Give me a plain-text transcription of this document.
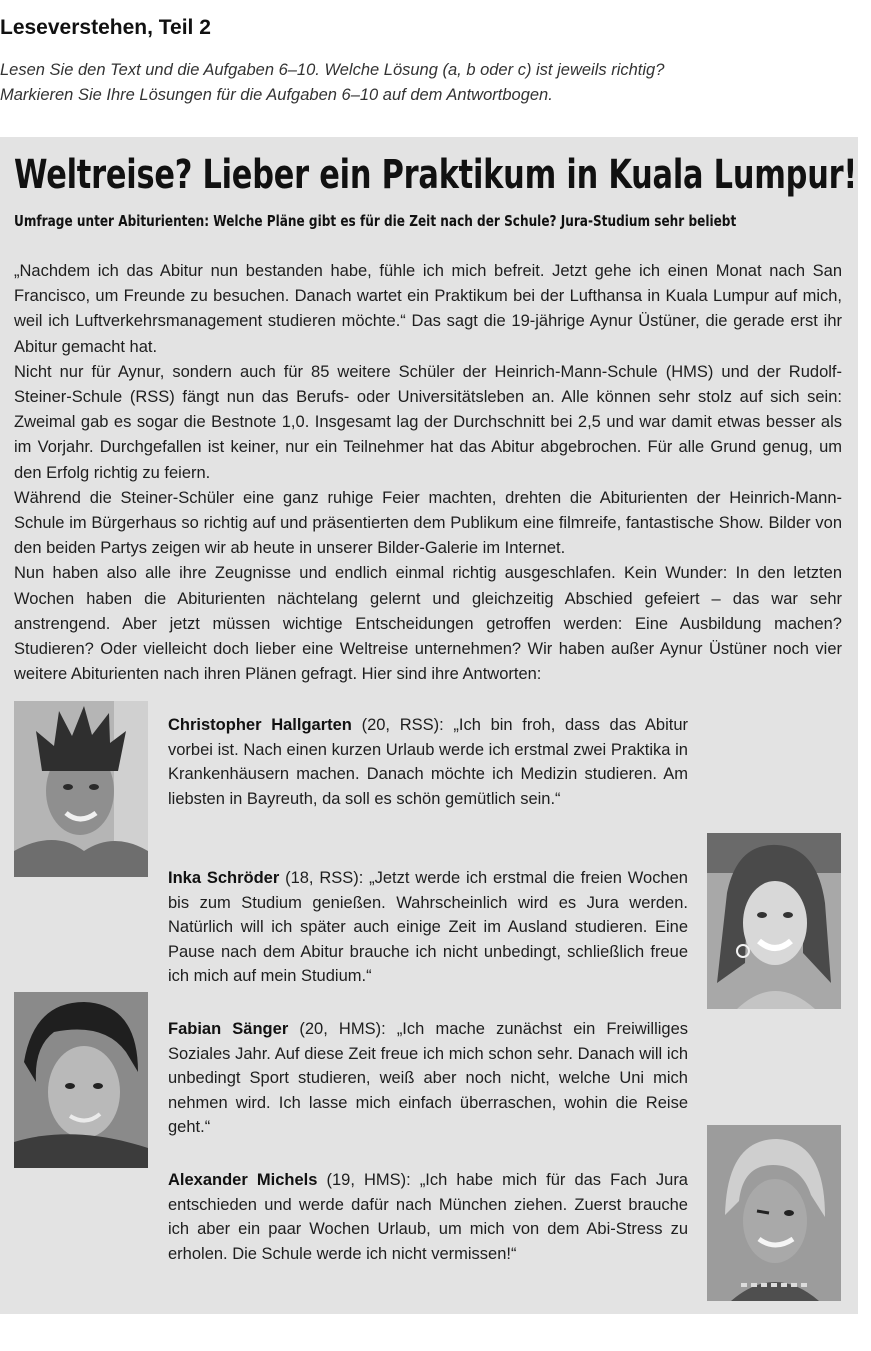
Leseverstehen, Teil 2
Lesen Sie den Text und die Aufgaben 6–10. Welche Lösung (a, b oder c) ist jeweils richtig?
Markieren Sie Ihre Lösungen für die Aufgaben 6–10 auf dem Antwortbogen.
Weltreise? Lieber ein Praktikum in Kuala Lumpur!
Umfrage unter Abiturienten: Welche Pläne gibt es für die Zeit nach der Schule? Jura-Studium sehr beliebt

„Nachdem ich das Abitur nun bestanden habe, fühle ich mich befreit. Jetzt gehe ich einen Monat nach San Francisco, um Freunde zu besuchen. Danach wartet ein Praktikum bei der Lufthansa in Kuala Lumpur auf mich, weil ich Luftverkehrsmanagement studieren möchte.“ Das sagt die 19-jährige Aynur Üstüner, die gerade erst ihr Abitur gemacht hat.

Nicht nur für Aynur, sondern auch für 85 weitere Schüler der Heinrich-Mann-Schule (HMS) und der Rudolf-Steiner-Schule (RSS) fängt nun das Berufs- oder Universitätsleben an. Alle können sehr stolz auf sich sein: Zweimal gab es sogar die Bestnote 1,0. Insgesamt lag der Durchschnitt bei 2,5 und war damit etwas besser als im Vorjahr. Durchgefallen ist keiner, nur ein Teilnehmer hat das Abitur abgebrochen. Für alle Grund genug, um den Erfolg richtig zu feiern.

Während die Steiner-Schüler eine ganz ruhige Feier machten, drehten die Abiturienten der Heinrich-Mann-Schule im Bürgerhaus so richtig auf und präsentierten dem Publikum eine filmreife, fantastische Show. Bilder von den beiden Partys zeigen wir ab heute in unserer Bilder-Galerie im Internet.

Nun haben also alle ihre Zeugnisse und endlich einmal richtig ausgeschlafen. Kein Wunder: In den letzten Wochen haben die Abiturienten nächtelang gelernt und gleichzeitig Abschied gefeiert – das war sehr anstrengend. Aber jetzt müssen wichtige Entscheidungen getroffen werden: Eine Ausbildung machen? Studieren? Oder vielleicht doch lieber eine Weltreise unternehmen? Wir haben außer Aynur Üstüner noch vier weitere Abiturienten nach ihren Plänen gefragt. Hier sind ihre Antworten:

Christopher Hallgarten (20, RSS): „Ich bin froh, dass das Abitur vorbei ist. Nach einen kurzen Urlaub werde ich erstmal zwei Praktika in Krankenhäusern machen. Danach möchte ich Medizin studieren. Am liebsten in Bayreuth, da soll es schön gemütlich sein.“
Inka Schröder (18, RSS): „Jetzt werde ich erstmal die freien Wochen bis zum Studium genießen. Wahrscheinlich wird es Jura werden. Natürlich will ich später auch einige Zeit im Ausland studieren. Eine Pause nach dem Abitur brauche ich nicht unbedingt, schließlich freue ich mich auf mein Studium.“
Fabian Sänger (20, HMS): „Ich mache zunächst ein Freiwilliges Soziales Jahr. Auf diese Zeit freue ich mich schon sehr. Danach will ich unbedingt Sport studieren, weiß aber noch nicht, welche Uni mich nehmen wird. Ich lasse mich einfach überraschen, wohin die Reise geht.“
Alexander Michels (19, HMS): „Ich habe mich für das Fach Jura entschieden und werde dafür nach München ziehen. Zuerst brauche ich aber ein paar Wochen Urlaub, um mich von dem Abi-Stress zu erholen. Die Schule werde ich nicht vermissen!“
